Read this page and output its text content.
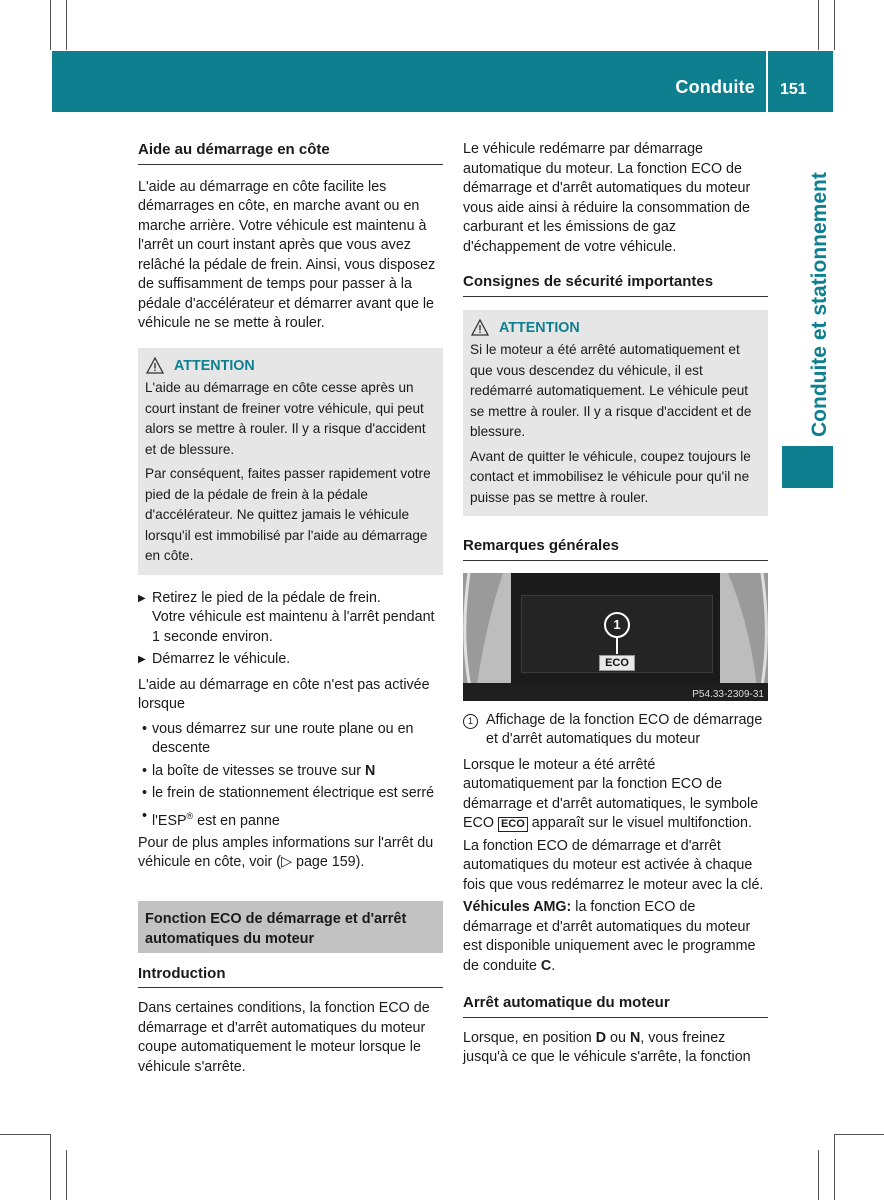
Conduite 151
Conduite et stationnement
Aide au démarrage en côte

L'aide au démarrage en côte facilite les démarrages en côte, en marche avant ou en marche arrière. Votre véhicule est maintenu à l'arrêt un court instant après que vous avez relâché la pédale de frein. Ainsi, vous disposez de suffisamment de temps pour passer à la pédale d'accélérateur et démarrer avant que le véhicule ne se mette à rouler.

ATTENTION

L'aide au démarrage en côte cesse après un court instant de freiner votre véhicule, qui peut alors se mettre à rouler. Il y a risque d'accident et de blessure.

Par conséquent, faites passer rapidement votre pied de la pédale de frein à la pédale d'accélérateur. Ne quittez jamais le véhicule lorsqu'il est immobilisé par l'aide au démarrage en côte.

▶ Retirez le pied de la pédale de frein.
Votre véhicule est maintenu à l'arrêt pendant 1 seconde environ.
▶ Démarrez le véhicule.

L'aide au démarrage en côte n'est pas activée lorsque

• vous démarrez sur une route plane ou en descente
• la boîte de vitesses se trouve sur N
• le frein de stationnement électrique est serré
• l'ESP® est en panne

Pour de plus amples informations sur l'arrêt du véhicule en côte, voir (▷ page 159).

Fonction ECO de démarrage et d'arrêt automatiques du moteur
Introduction

Dans certaines conditions, la fonction ECO de démarrage et d'arrêt automatiques du moteur coupe automatiquement le moteur lorsque le véhicule s'arrête.

Le véhicule redémarre par démarrage automatique du moteur. La fonction ECO de démarrage et d'arrêt automatiques du moteur vous aide ainsi à réduire la consommation de carburant et les émissions de gaz d'échappement de votre véhicule.

Consignes de sécurité importantes
ATTENTION

Si le moteur a été arrêté automatiquement et que vous descendez du véhicule, il est redémarré automatiquement. Le véhicule peut se mettre à rouler. Il y a risque d'accident et de blessure.

Avant de quitter le véhicule, coupez toujours le contact et immobilisez le véhicule pour qu'il ne puisse pas se mettre à rouler.

Remarques générales
1
ECO
P54.33-2309-31
1 Affichage de la fonction ECO de démarrage et d'arrêt automatiques du moteur

Lorsque le moteur a été arrêté automatiquement par la fonction ECO de démarrage et d'arrêt automatiques, le symbole ECO ECO apparaît sur le visuel multifonction.

La fonction ECO de démarrage et d'arrêt automatiques du moteur est activée à chaque fois que vous redémarrez le moteur avec la clé.

Véhicules AMG: la fonction ECO de démarrage et d'arrêt automatiques du moteur est disponible uniquement avec le programme de conduite C.

Arrêt automatique du moteur

Lorsque, en position D ou N, vous freinez jusqu'à ce que le véhicule s'arrête, la fonction
